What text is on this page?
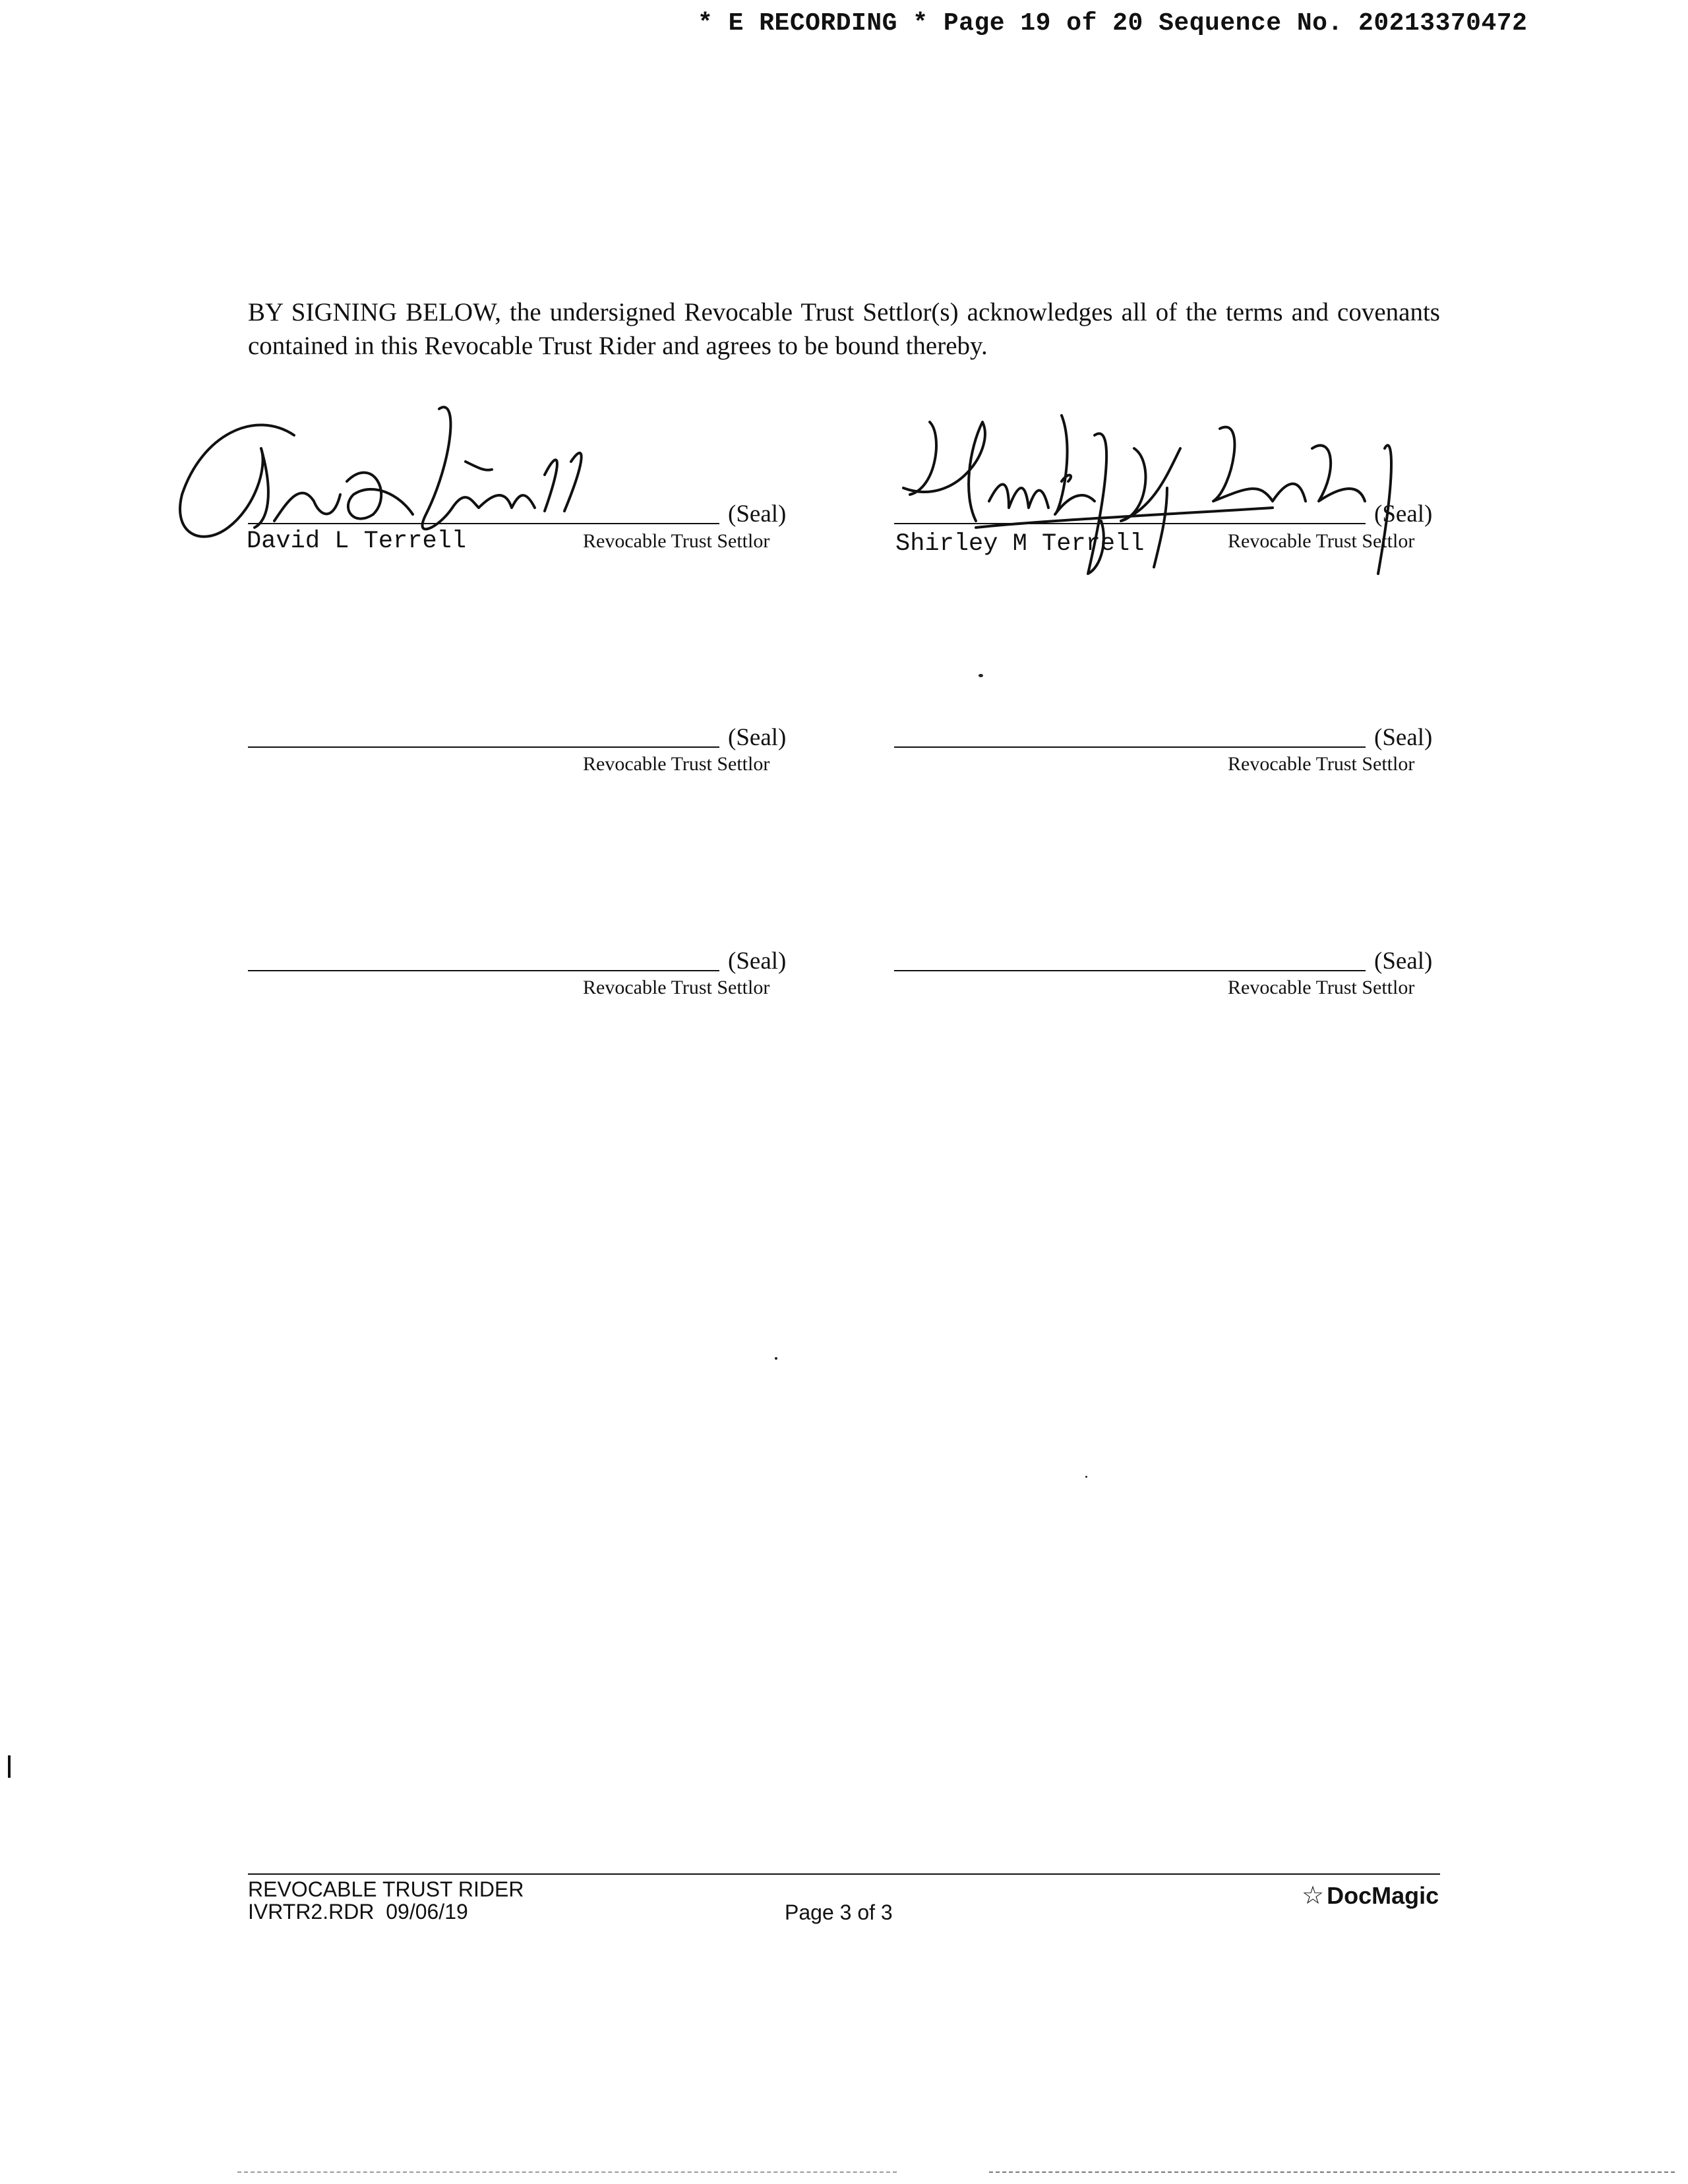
* E RECORDING * Page 19 of 20 Sequence No. 20213370472
BY SIGNING BELOW, the undersigned Revocable Trust Settlor(s) acknowledges all of the terms and covenants contained in this Revocable Trust Rider and agrees to be bound thereby.
(Seal)
David L Terrell	Revocable Trust Settlor
(Seal)
Shirley M Terrell	Revocable Trust Settlor
(Seal)
Revocable Trust Settlor
(Seal)
Revocable Trust Settlor
(Seal)
Revocable Trust Settlor
(Seal)
Revocable Trust Settlor
REVOCABLE TRUST RIDER
IVRTR2.RDR  09/06/19	Page 3 of 3
☆ DocMagic
